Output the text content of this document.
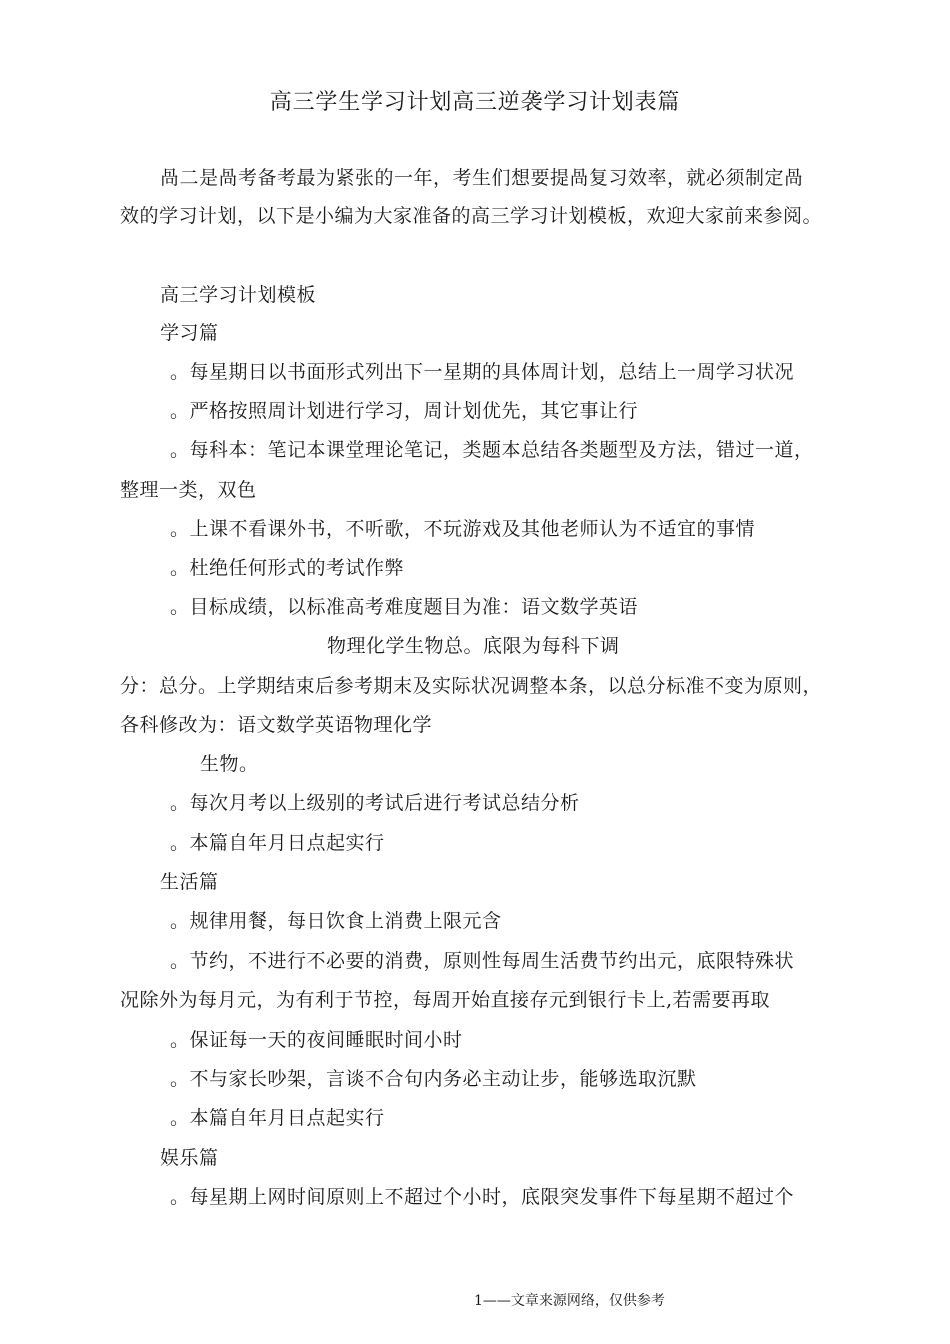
高三学生学习计划高三逆袭学习计划表篇
咼二是咼考备考最为紧张的一年，考生们想要提咼复习效率，就必须制定咼
效的学习计划，以下是小编为大家准备的高三学习计划模板，欢迎大家前来参阅。
高三学习计划模板
学习篇
。每星期日以书面形式列出下一星期的具体周计划，总结上一周学习状况
。严格按照周计划进行学习，周计划优先，其它事让行
。每科本：笔记本课堂理论笔记，类题本总结各类题型及方法，错过一道，
整理一类，双色
。上课不看课外书，不听歌，不玩游戏及其他老师认为不适宜的事情
。杜绝任何形式的考试作弊
。目标成绩，以标准高考难度题目为准：语文数学英语
物理化学生物总。底限为每科下调
分：总分。上学期结束后参考期末及实际状况调整本条，以总分标准不变为原则，
各科修改为：语文数学英语物理化学
生物。
。每次月考以上级别的考试后进行考试总结分析
。本篇自年月日点起实行
生活篇
。规律用餐，每日饮食上消费上限元含
。节约，不进行不必要的消费，原则性每周生活费节约出元，底限特殊状
况除外为每月元，为有利于节控，每周开始直接存元到银行卡上,若需要再取
。保证每一天的夜间睡眠时间小时
。不与家长吵架，言谈不合句内务必主动让步，能够选取沉默
。本篇自年月日点起实行
娱乐篇
。每星期上网时间原则上不超过个小时，底限突发事件下每星期不超过个
1——文章来源网络，仅供参考
